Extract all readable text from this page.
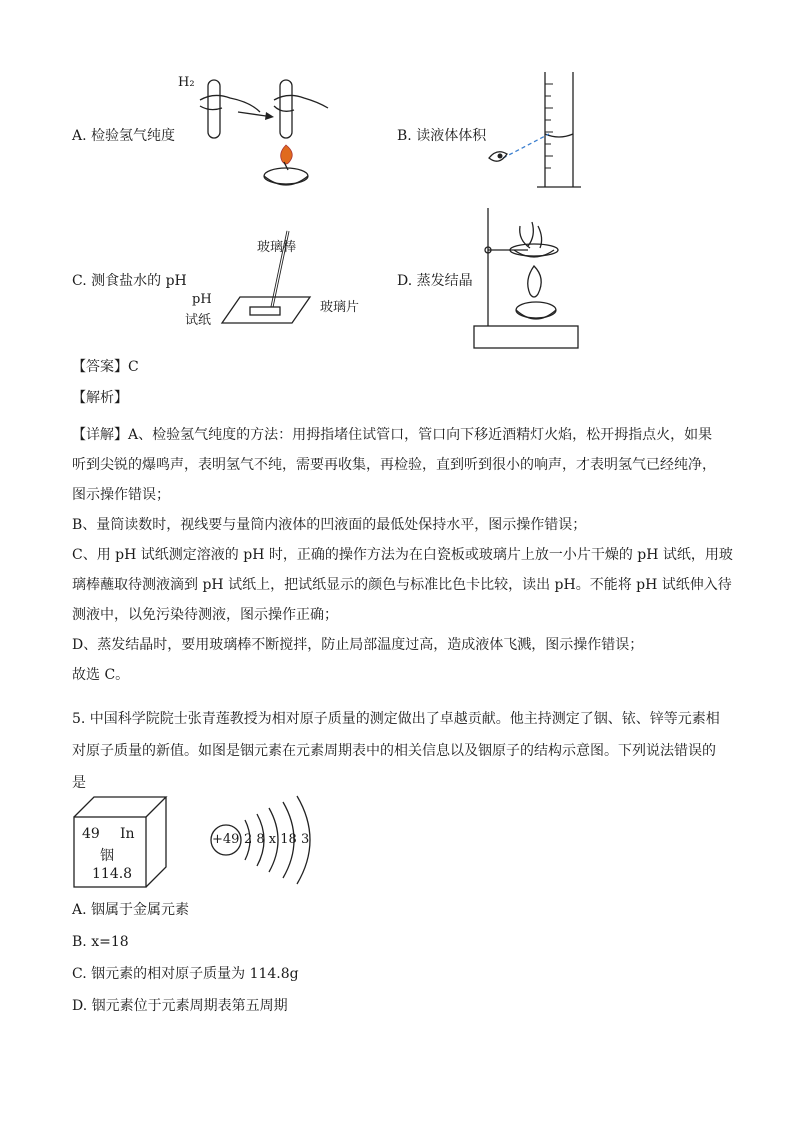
H₂
玻璃棒
玻璃片
pH
试纸
A. 检验氢气纯度	B. 读液体体积
C. 测食盐水的 pH	D. 蒸发结晶
【答案】C
【解析】
【详解】A、检验氢气纯度的方法：用拇指堵住试管口，管口向下移近酒精灯火焰，松开拇指点火，如果
听到尖锐的爆鸣声，表明氢气不纯，需要再收集，再检验，直到听到很小的响声，才表明氢气已经纯净，
图示操作错误；
B、量筒读数时，视线要与量筒内液体的凹液面的最低处保持水平，图示操作错误；
C、用 pH 试纸测定溶液的 pH 时，正确的操作方法为在白瓷板或玻璃片上放一小片干燥的 pH 试纸，用玻
璃棒蘸取待测液滴到 pH 试纸上，把试纸显示的颜色与标准比色卡比较，读出 pH。不能将 pH 试纸伸入待
测液中，以免污染待测液，图示操作正确；
D、蒸发结晶时，要用玻璃棒不断搅拌，防止局部温度过高，造成液体飞溅，图示操作错误；
故选 C。
5. 中国科学院院士张青莲教授为相对原子质量的测定做出了卓越贡献。他主持测定了铟、铱、锌等元素相
对原子质量的新值。如图是铟元素在元素周期表中的相关信息以及铟原子的结构示意图。下列说法错误的
是
49 In
铟
114.8
+49 2 8 x 18 3
A. 铟属于金属元素
B. x=18
C. 铟元素的相对原子质量为 114.8g
D. 铟元素位于元素周期表第五周期
